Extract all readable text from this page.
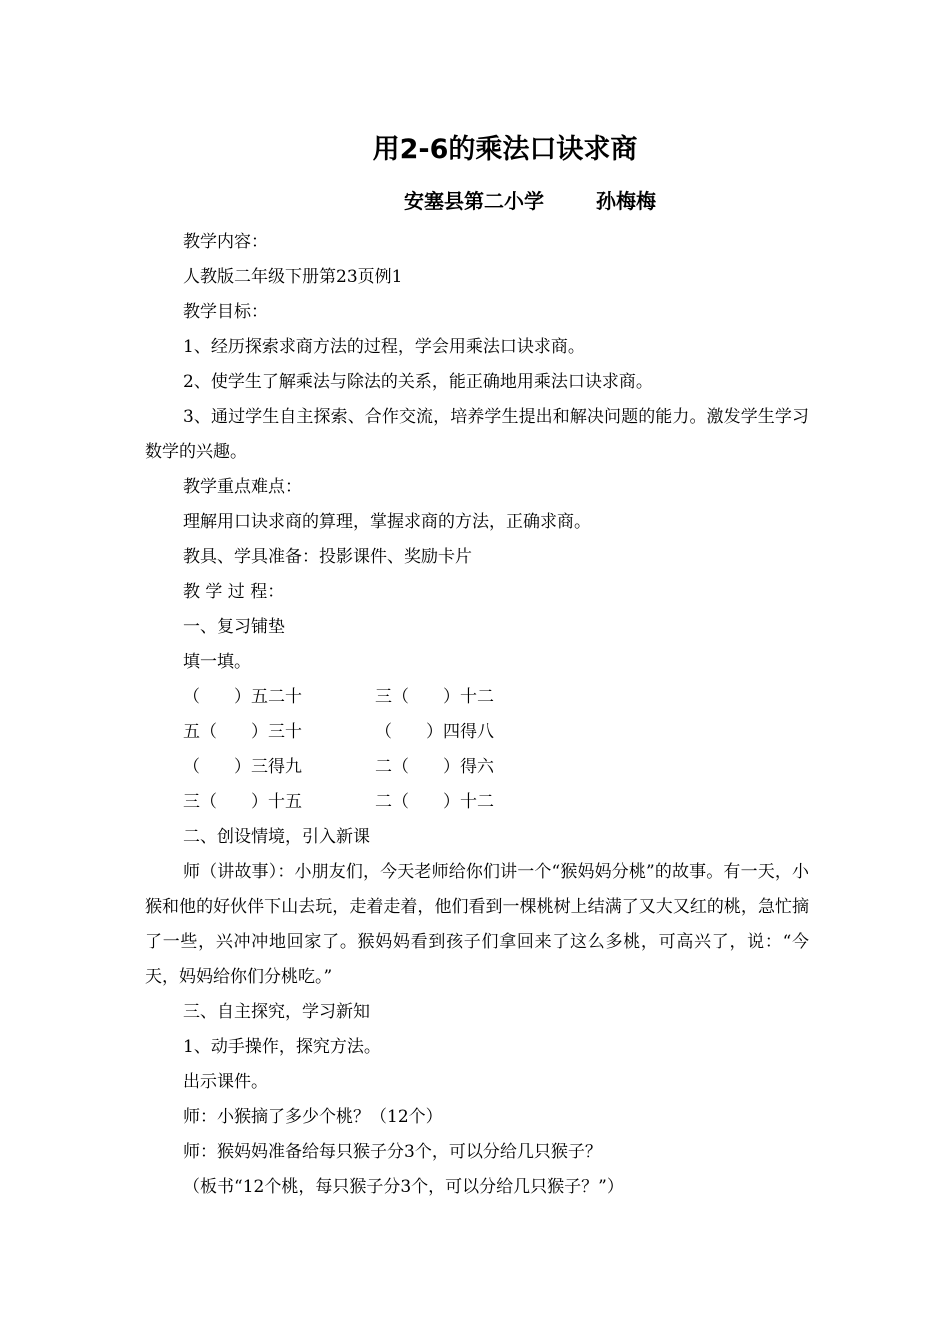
用2-6的乘法口诀求商
安塞县第二小学	孙梅梅

教学内容：

人教版二年级下册第23页例1

教学目标：

1、经历探索求商方法的过程，学会用乘法口诀求商。

2、使学生了解乘法与除法的关系，能正确地用乘法口诀求商。

3、通过学生自主探索、合作交流，培养学生提出和解决问题的能力。激发学生学习数学的兴趣。

教学重点难点：

理解用口诀求商的算理，掌握求商的方法，正确求商。

教具、学具准备：投影课件、奖励卡片

教 学 过 程：

一、复习铺垫

填一填。

（　　）五二十	三（　　）十二
五（　　）三十	（　　）四得八
（　　）三得九	二（　　）得六
三（　　）十五	二（　　）十二

二、创设情境，引入新课

师（讲故事）：小朋友们，今天老师给你们讲一个“猴妈妈分桃”的故事。有一天，小猴和他的好伙伴下山去玩，走着走着，他们看到一棵桃树上结满了又大又红的桃，急忙摘了一些，兴冲冲地回家了。猴妈妈看到孩子们拿回来了这么多桃，可高兴了，说：“今天，妈妈给你们分桃吃。”

三、自主探究，学习新知

1、动手操作，探究方法。

出示课件。

师：小猴摘了多少个桃？（12个）

师：猴妈妈准备给每只猴子分3个，可以分给几只猴子？

（板书“12个桃，每只猴子分3个，可以分给几只猴子？”）
